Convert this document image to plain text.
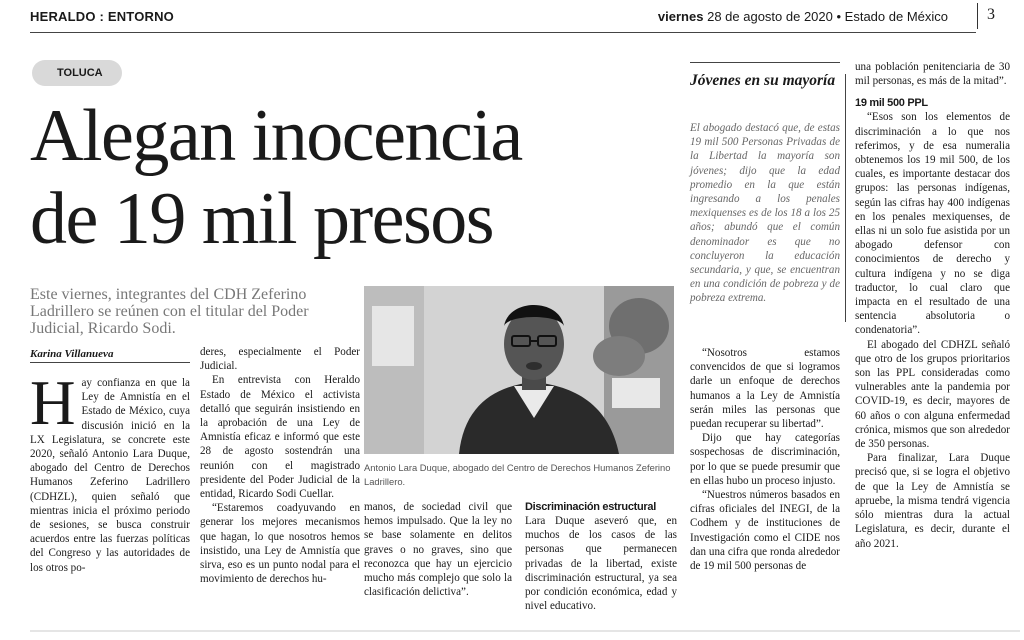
HERALDO : ENTORNO	viernes 28 de agosto de 2020 • Estado de México 3
TOLUCA
Alegan inocencia
de 19 mil presos

Este viernes, integrantes del CDH Zeferino Ladrillero se reúnen con el titular del Poder Judicial, Ricardo Sodi.

Karina Villanueva
H ay confianza en que la Ley de Amnistía en el Estado de México, cuya discusión inició en la LX Legislatura, se concrete este 2020, señaló Antonio Lara Duque, abogado del Centro de Derechos Humanos Zeferino Ladrillero (CDHZL), quien señaló que mientras inicia el próximo periodo de sesiones, se busca construir acuerdos entre las fuerzas políticas del Congreso y las autoridades de los otros po-

deres, especialmente el Poder Judicial.

En entrevista con Heraldo Estado de México el activista detalló que seguirán insistiendo en la aprobación de una Ley de Amnistía eficaz e informó que este 28 de agosto sostendrán una reunión con el magistrado presidente del Poder Judicial de la entidad, Ricardo Sodi Cuellar.

“Estaremos coadyuvando en generar los mejores mecanismos que hagan, lo que nosotros hemos insistido, una Ley de Amnistía que sirva, eso es un punto nodal para el movimiento de derechos hu-

Antonio Lara Duque, abogado del Centro de Derechos Humanos Zeferino Ladrillero.

manos, de sociedad civil que hemos impulsado. Que la ley no se base solamente en delitos graves o no graves, sino que reconozca que hay un ejercicio mucho más complejo que solo la clasificación delictiva”.

Discriminación estructural

Lara Duque aseveró que, en muchos de los casos de las personas que permanecen privadas de la libertad, existe discriminación estructural, ya sea por condición económica, edad y nivel educativo.

Jóvenes en su mayoría

El abogado destacó que, de estas 19 mil 500 Personas Privadas de la Libertad la mayoría son jóvenes; dijo que la edad promedio en la que están ingresando a los penales mexiquenses es de los 18 a los 25 años; abundó que el común denominador es que no concluyeron la educación secundaria, y que, se encuentran en una condición de pobreza y de pobreza extrema.

“Nosotros estamos convencidos de que si logramos darle un enfoque de derechos humanos a la Ley de Amnistía serán miles las personas que puedan recuperar su libertad”.

Dijo que hay categorías sospechosas de discriminación, por lo que se puede presumir que en ellas hubo un proceso injusto.

“Nuestros números basados en cifras oficiales del INEGI, de la Codhem y de instituciones de Investigación como el CIDE nos dan una cifra que ronda alrededor de 19 mil 500 personas de

una población penitenciaria de 30 mil personas, es más de la mitad”.

19 mil 500 PPL

“Esos son los elementos de discriminación a lo que nos referimos, y de esa numeralia obtenemos los 19 mil 500, de los cuales, es importante destacar dos grupos: las personas indígenas, según las cifras hay 400 indígenas en los penales mexiquenses, de ellas ni un solo fue asistida por un abogado defensor con conocimientos de derecho y cultura indígena y no se diga traductor, lo cual claro que impacta en el resultado de una sentencia absolutoria o condenatoria”.

El abogado del CDHZL señaló que otro de los grupos prioritarios son las PPL consideradas como vulnerables ante la pandemia por COVID-19, es decir, mayores de 60 años o con alguna enfermedad crónica, mismos que son alrededor de 350 personas.

Para finalizar, Lara Duque precisó que, si se logra el objetivo de que la Ley de Amnistía se apruebe, la misma tendrá vigencia sólo mientras dura la actual Legislatura, es decir, durante el año 2021.
